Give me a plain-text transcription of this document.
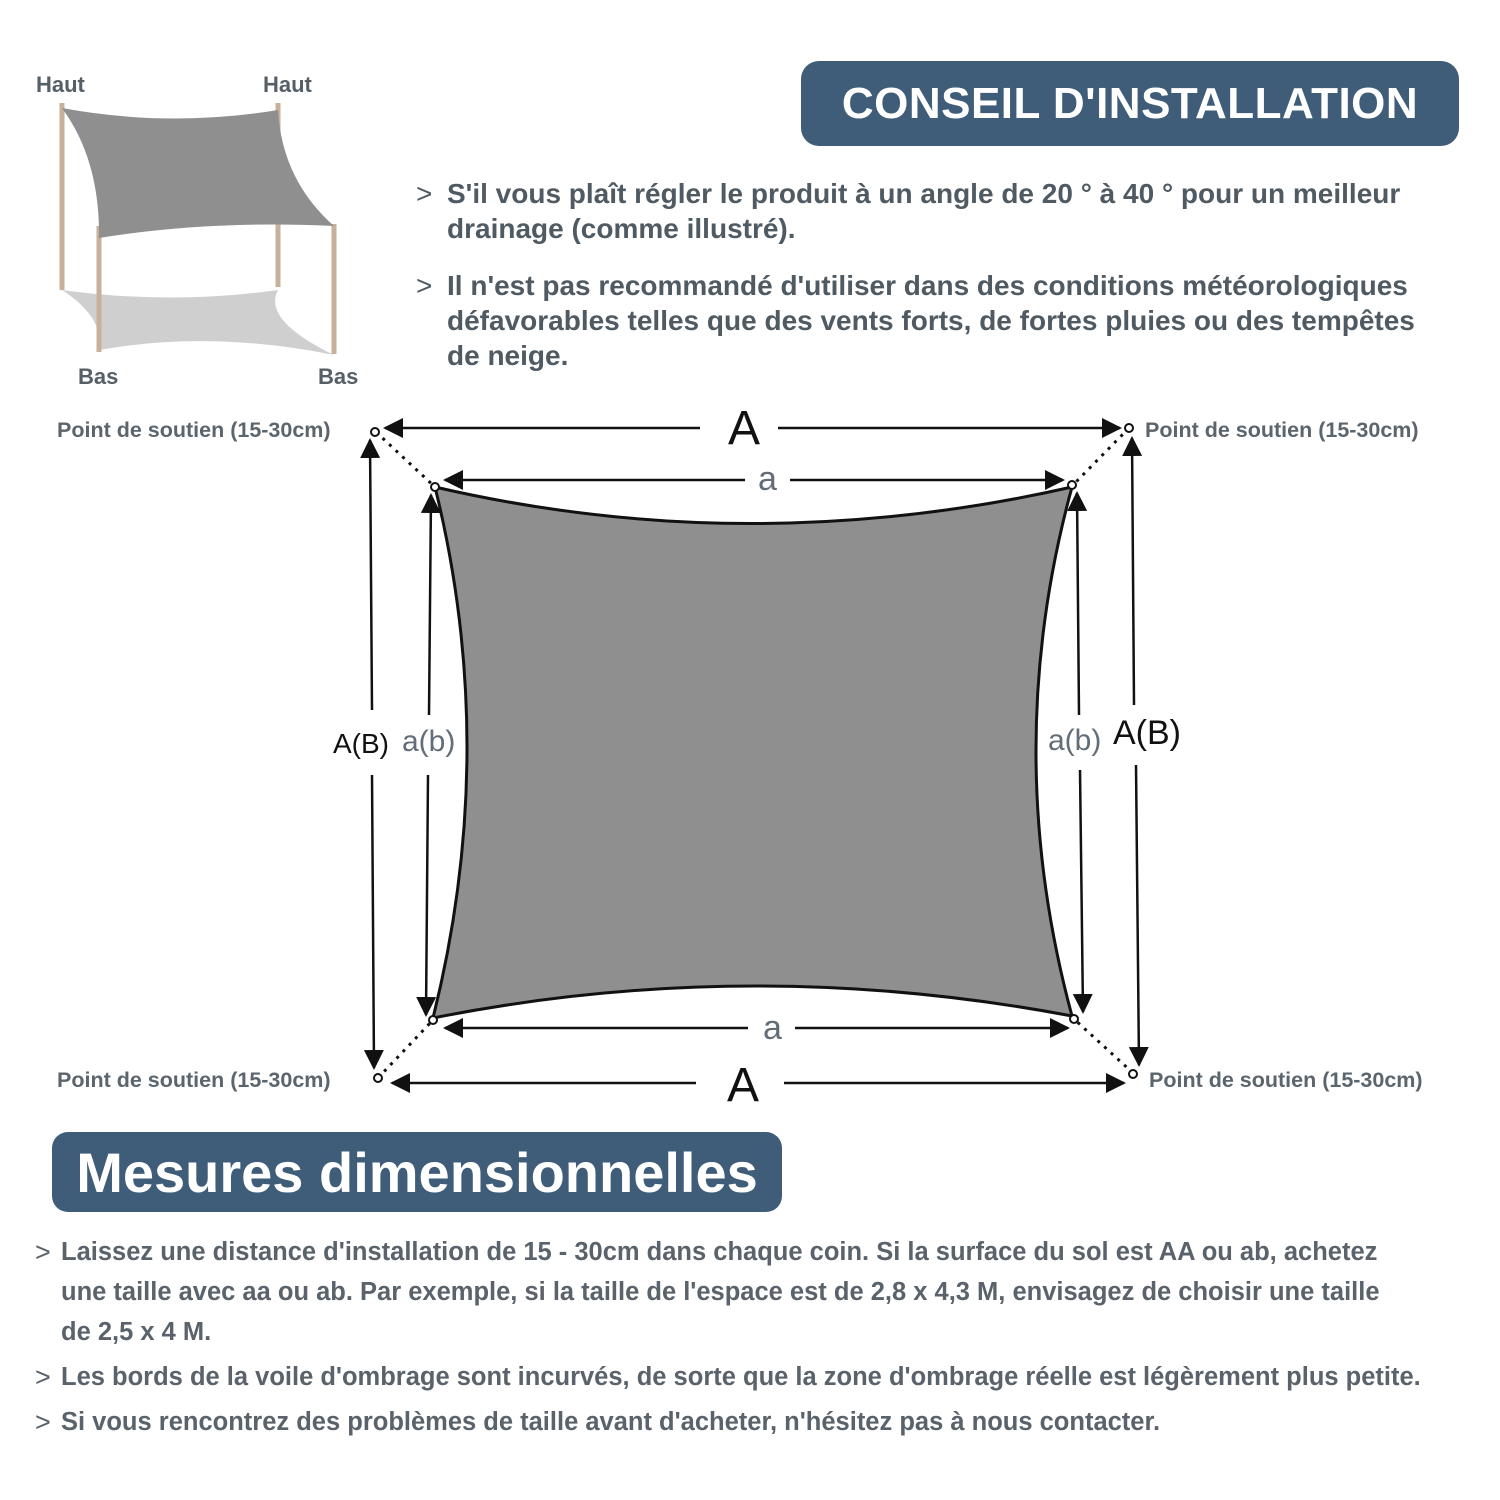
Haut	Haut
Bas	Bas
CONSEIL D'INSTALLATION
> S'il vous plaît régler le produit à un angle de 20 ° à 40 ° pour un meilleur
drainage (comme illustré).
> Il n'est pas recommandé d'utiliser dans des conditions météorologiques
défavorables telles que des vents forts, de fortes pluies ou des tempêtes
de neige.
A
A
a
a
A(B)	A(B)
a(b)	a(b)
Point de soutien (15-30cm)	Point de soutien (15-30cm)
Point de soutien (15-30cm)	Point de soutien (15-30cm)
Mesures dimensionnelles
> Laissez une distance d'installation de 15 - 30cm dans chaque coin. Si la surface du sol est AA ou ab, achetez
une taille avec aa ou ab. Par exemple, si la taille de l'espace est de 2,8 x 4,3 M, envisagez de choisir une taille
de 2,5 x 4 M.
> Les bords de la voile d'ombrage sont incurvés, de sorte que la zone d'ombrage réelle est légèrement plus petite.
> Si vous rencontrez des problèmes de taille avant d'acheter, n'hésitez pas à nous contacter.
